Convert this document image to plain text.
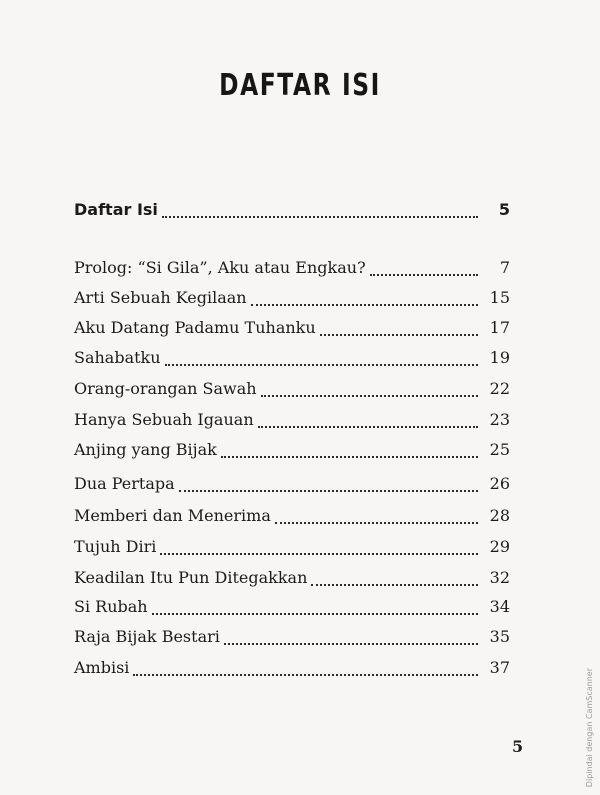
DAFTAR ISI
Daftar Isi	5
Prolog: “Si Gila”, Aku atau Engkau?	7
Arti Sebuah Kegilaan	15
Aku Datang Padamu Tuhanku	17
Sahabatku	19
Orang-orangan Sawah	22
Hanya Sebuah Igauan	23
Anjing yang Bijak	25
Dua Pertapa	26
Memberi dan Menerima	28
Tujuh Diri	29
Keadilan Itu Pun Ditegakkan	32
Si Rubah	34
Raja Bijak Bestari	35
Ambisi	37
5	Dipindai dengan CamScanner
